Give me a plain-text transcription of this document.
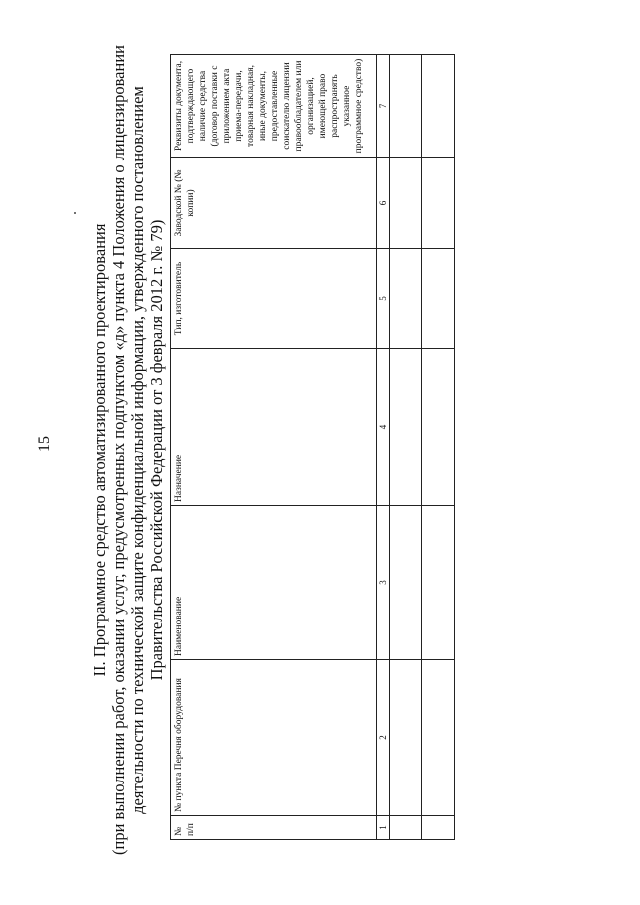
15 II. Программное средство автоматизированного проектирования (при выполнении работ, оказании услуг, предусмотренных подпунктом «д» пункта 4 Положения о лицензировании деятельности по технической защите конфиденциальной информации, утвержденного постановлением Правительства Российской Федерации от 3 февраля 2012 г. № 79)
№ п/п	№ пункта Перечня оборудования	Наименование	Назначение	Тип, изготовитель	Заводской № (№ копии)	Реквизиты документа, подтверждающего наличие средства (договор поставки с приложением акта приема-передачи, товарная накладная, иные документы, предоставленные соискателю лицензии правообладателем или организацией, имеющей право распространять указанное программное средство)
1	2	3	4	5	6	7
